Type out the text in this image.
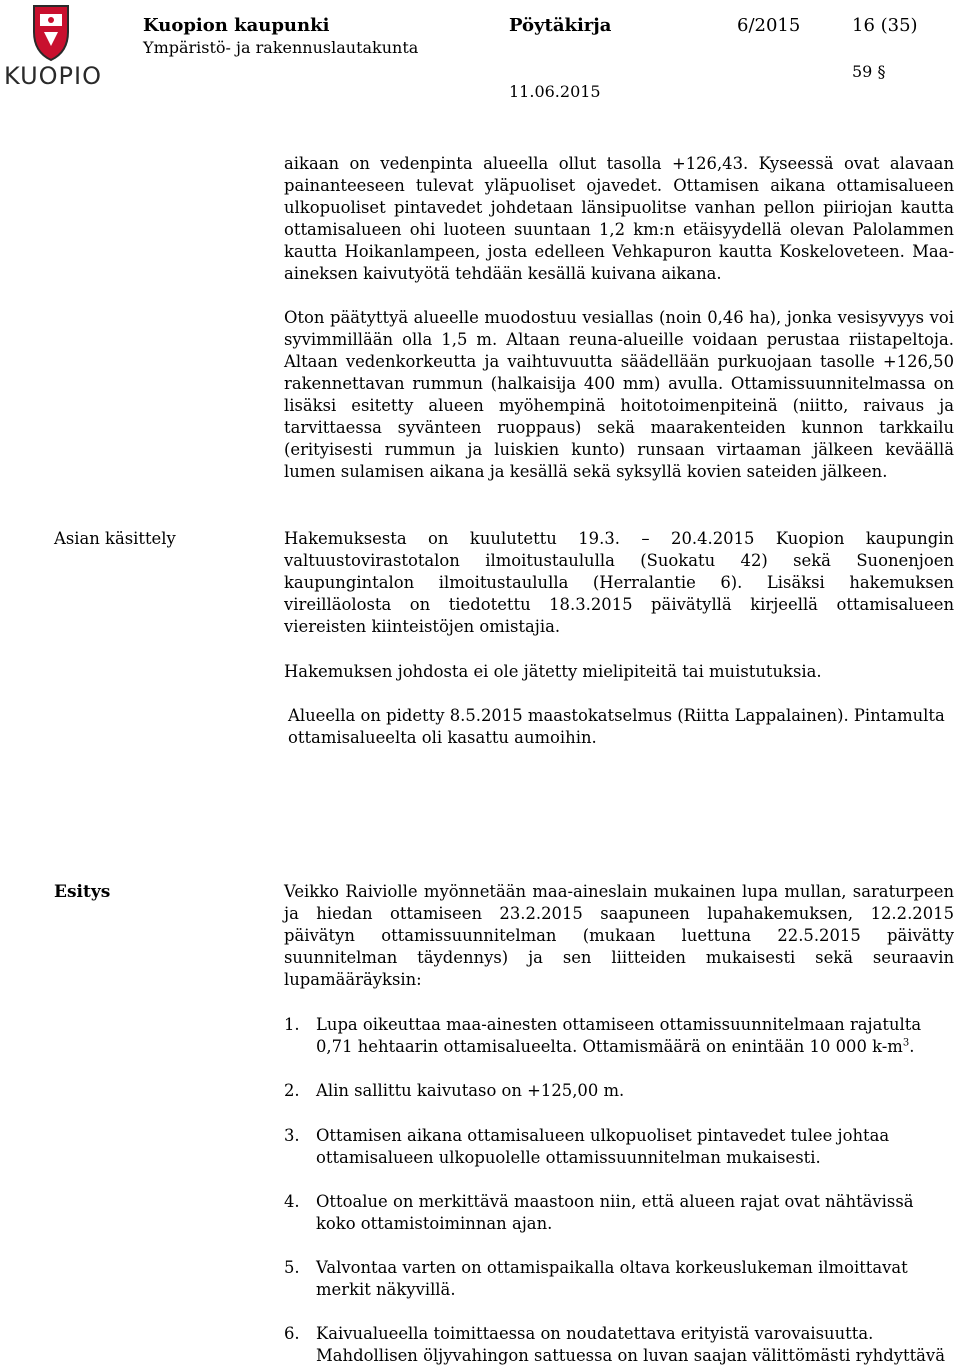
KUOPIO
Kuopion kaupunki
Ympäristö- ja rakennuslautakunta
Pöytäkirja	6/2015	16 (35)
59 §
11.06.2015

aikaan on vedenpinta alueella ollut tasolla +126,43. Kyseessä ovat alavaan painanteeseen tulevat yläpuoliset ojavedet. Ottamisen aikana ottamisalueen ulkopuoliset pintavedet johdetaan länsipuolitse vanhan pellon piiriojan kautta ottamisalueen ohi luoteen suuntaan 1,2 km:n etäisyydellä olevan Palolammen kautta Hoikanlampeen, josta edelleen Vehkapuron kautta Koskeloveteen. Maa-aineksen kaivutyötä tehdään kesällä kuivana aikana.

Oton päätyttyä alueelle muodostuu vesiallas (noin 0,46 ha), jonka vesisyvyys voi syvimmillään olla 1,5 m. Altaan reuna-alueille voidaan perustaa riistapeltoja. Altaan vedenkorkeutta ja vaihtuvuutta säädellään purkuojaan tasolle +126,50 rakennettavan rummun (halkaisija 400 mm) avulla. Ottamissuunnitelmassa on lisäksi esitetty alueen myöhempinä hoitotoimenpiteinä (niitto, raivaus ja tarvittaessa syvänteen ruoppaus) sekä maarakenteiden kunnon tarkkailu (erityisesti rummun ja luiskien kunto) runsaan virtaaman jälkeen keväällä lumen sulamisen aikana ja kesällä sekä syksyllä kovien sateiden jälkeen.

Asian käsittely	Hakemuksesta on kuulutettu 19.3. – 20.4.2015 Kuopion kaupungin valtuustovirastotalon ilmoitustaululla (Suokatu 42) sekä Suonenjoen kaupungintalon ilmoitustaululla (Herralantie 6). Lisäksi hakemuksen vireilläolosta on tiedotettu 18.3.2015 päivätyllä kirjeellä ottamisalueen viereisten kiinteistöjen omistajia.

Hakemuksen johdosta ei ole jätetty mielipiteitä tai muistutuksia.

Alueella on pidetty 8.5.2015 maastokatselmus (Riitta Lappalainen). Pintamulta ottamisalueelta oli kasattu aumoihin.

Esitys	Veikko Raiviolle myönnetään maa-aineslain mukainen lupa mullan, saraturpeen ja hiedan ottamiseen 23.2.2015 saapuneen lupahakemuksen, 12.2.2015 päivätyn ottamissuunnitelman (mukaan luettuna 22.5.2015 päivätty suunnitelman täydennys) ja sen liitteiden mukaisesti sekä seuraavin lupamääräyksin:

1. Lupa oikeuttaa maa-ainesten ottamiseen ottamissuunnitelmaan rajatulta 0,71 hehtaarin ottamisalueelta. Ottamismäärä on enintään 10 000 $k-m^3$.
2. Alin sallittu kaivutaso on +125,00 m.
3. Ottamisen aikana ottamisalueen ulkopuoliset pintavedet tulee johtaa ottamisalueen ulkopuolelle ottamissuunnitelman mukaisesti.
4. Ottoalue on merkittävä maastoon niin, että alueen rajat ovat nähtävissä koko ottamistoiminnan ajan.
5. Valvontaa varten on ottamispaikalla oltava korkeuslukeman ilmoittavat merkit näkyvillä.
6. Kaivualueella toimittaessa on noudatettava erityistä varovaisuutta. Mahdollisen öljyvahingon sattuessa on luvan saajan välittömästi ryhdyttävä
